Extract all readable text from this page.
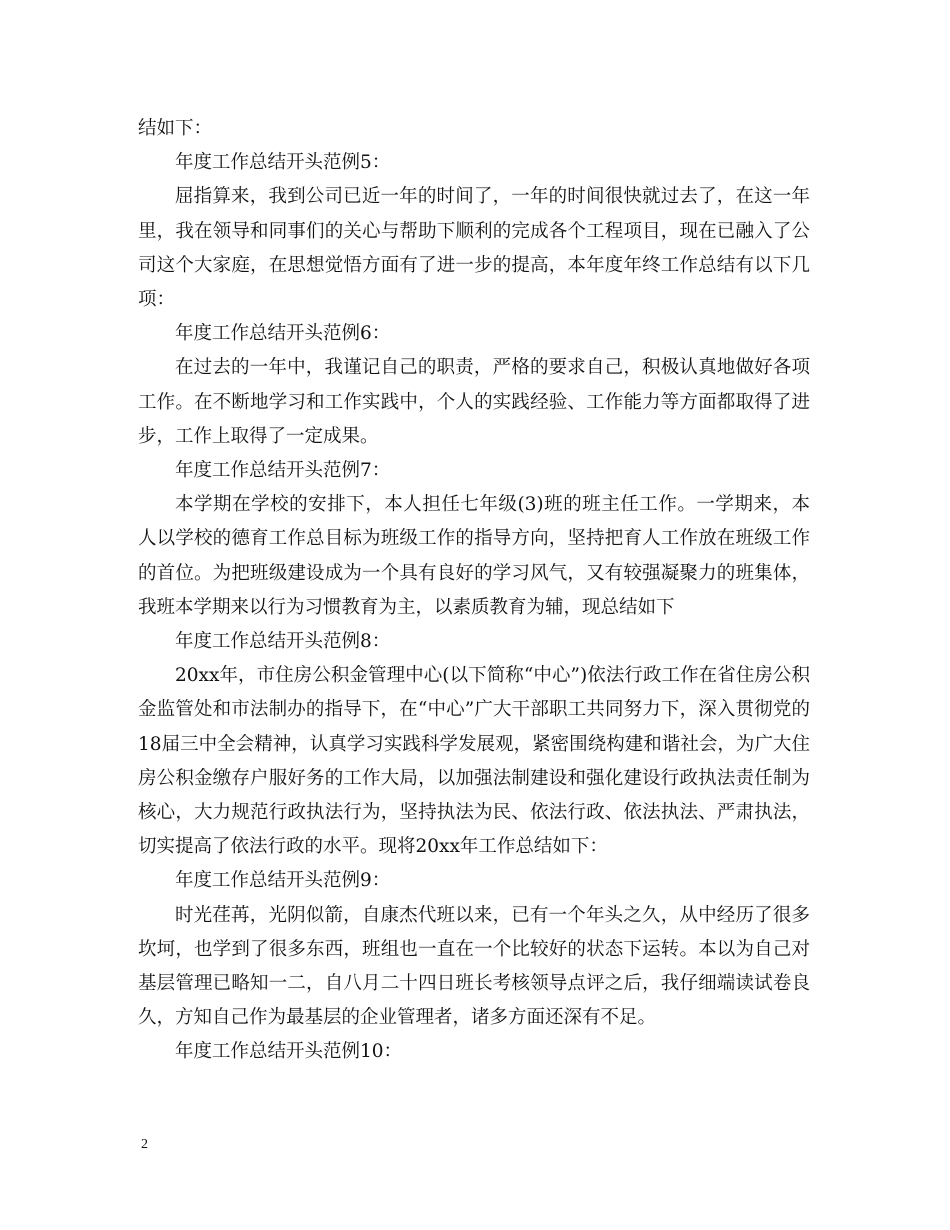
结如下：

年度工作总结开头范例5：

屈指算来，我到公司已近一年的时间了，一年的时间很快就过去了，在这一年里，我在领导和同事们的关心与帮助下顺利的完成各个工程项目，现在已融入了公司这个大家庭，在思想觉悟方面有了进一步的提高，本年度年终工作总结有以下几项：

年度工作总结开头范例6：

在过去的一年中，我谨记自己的职责，严格的要求自己，积极认真地做好各项工作。在不断地学习和工作实践中，个人的实践经验、工作能力等方面都取得了进步，工作上取得了一定成果。

年度工作总结开头范例7：

本学期在学校的安排下，本人担任七年级(3)班的班主任工作。一学期来，本人以学校的德育工作总目标为班级工作的指导方向，坚持把育人工作放在班级工作的首位。为把班级建设成为一个具有良好的学习风气，又有较强凝聚力的班集体，我班本学期来以行为习惯教育为主，以素质教育为辅，现总结如下

年度工作总结开头范例8：

20xx年，市住房公积金管理中心(以下简称“中心”)依法行政工作在省住房公积金监管处和市法制办的指导下，在“中心”广大干部职工共同努力下，深入贯彻党的18届三中全会精神，认真学习实践科学发展观，紧密围绕构建和谐社会，为广大住房公积金缴存户服好务的工作大局，以加强法制建设和强化建设行政执法责任制为核心，大力规范行政执法行为，坚持执法为民、依法行政、依法执法、严肃执法，切实提高了依法行政的水平。现将20xx年工作总结如下：

年度工作总结开头范例9：

时光荏苒，光阴似箭，自康杰代班以来，已有一个年头之久，从中经历了很多坎坷，也学到了很多东西，班组也一直在一个比较好的状态下运转。本以为自己对基层管理已略知一二，自八月二十四日班长考核领导点评之后，我仔细端读试卷良久，方知自己作为最基层的企业管理者，诸多方面还深有不足。

年度工作总结开头范例10：

2
